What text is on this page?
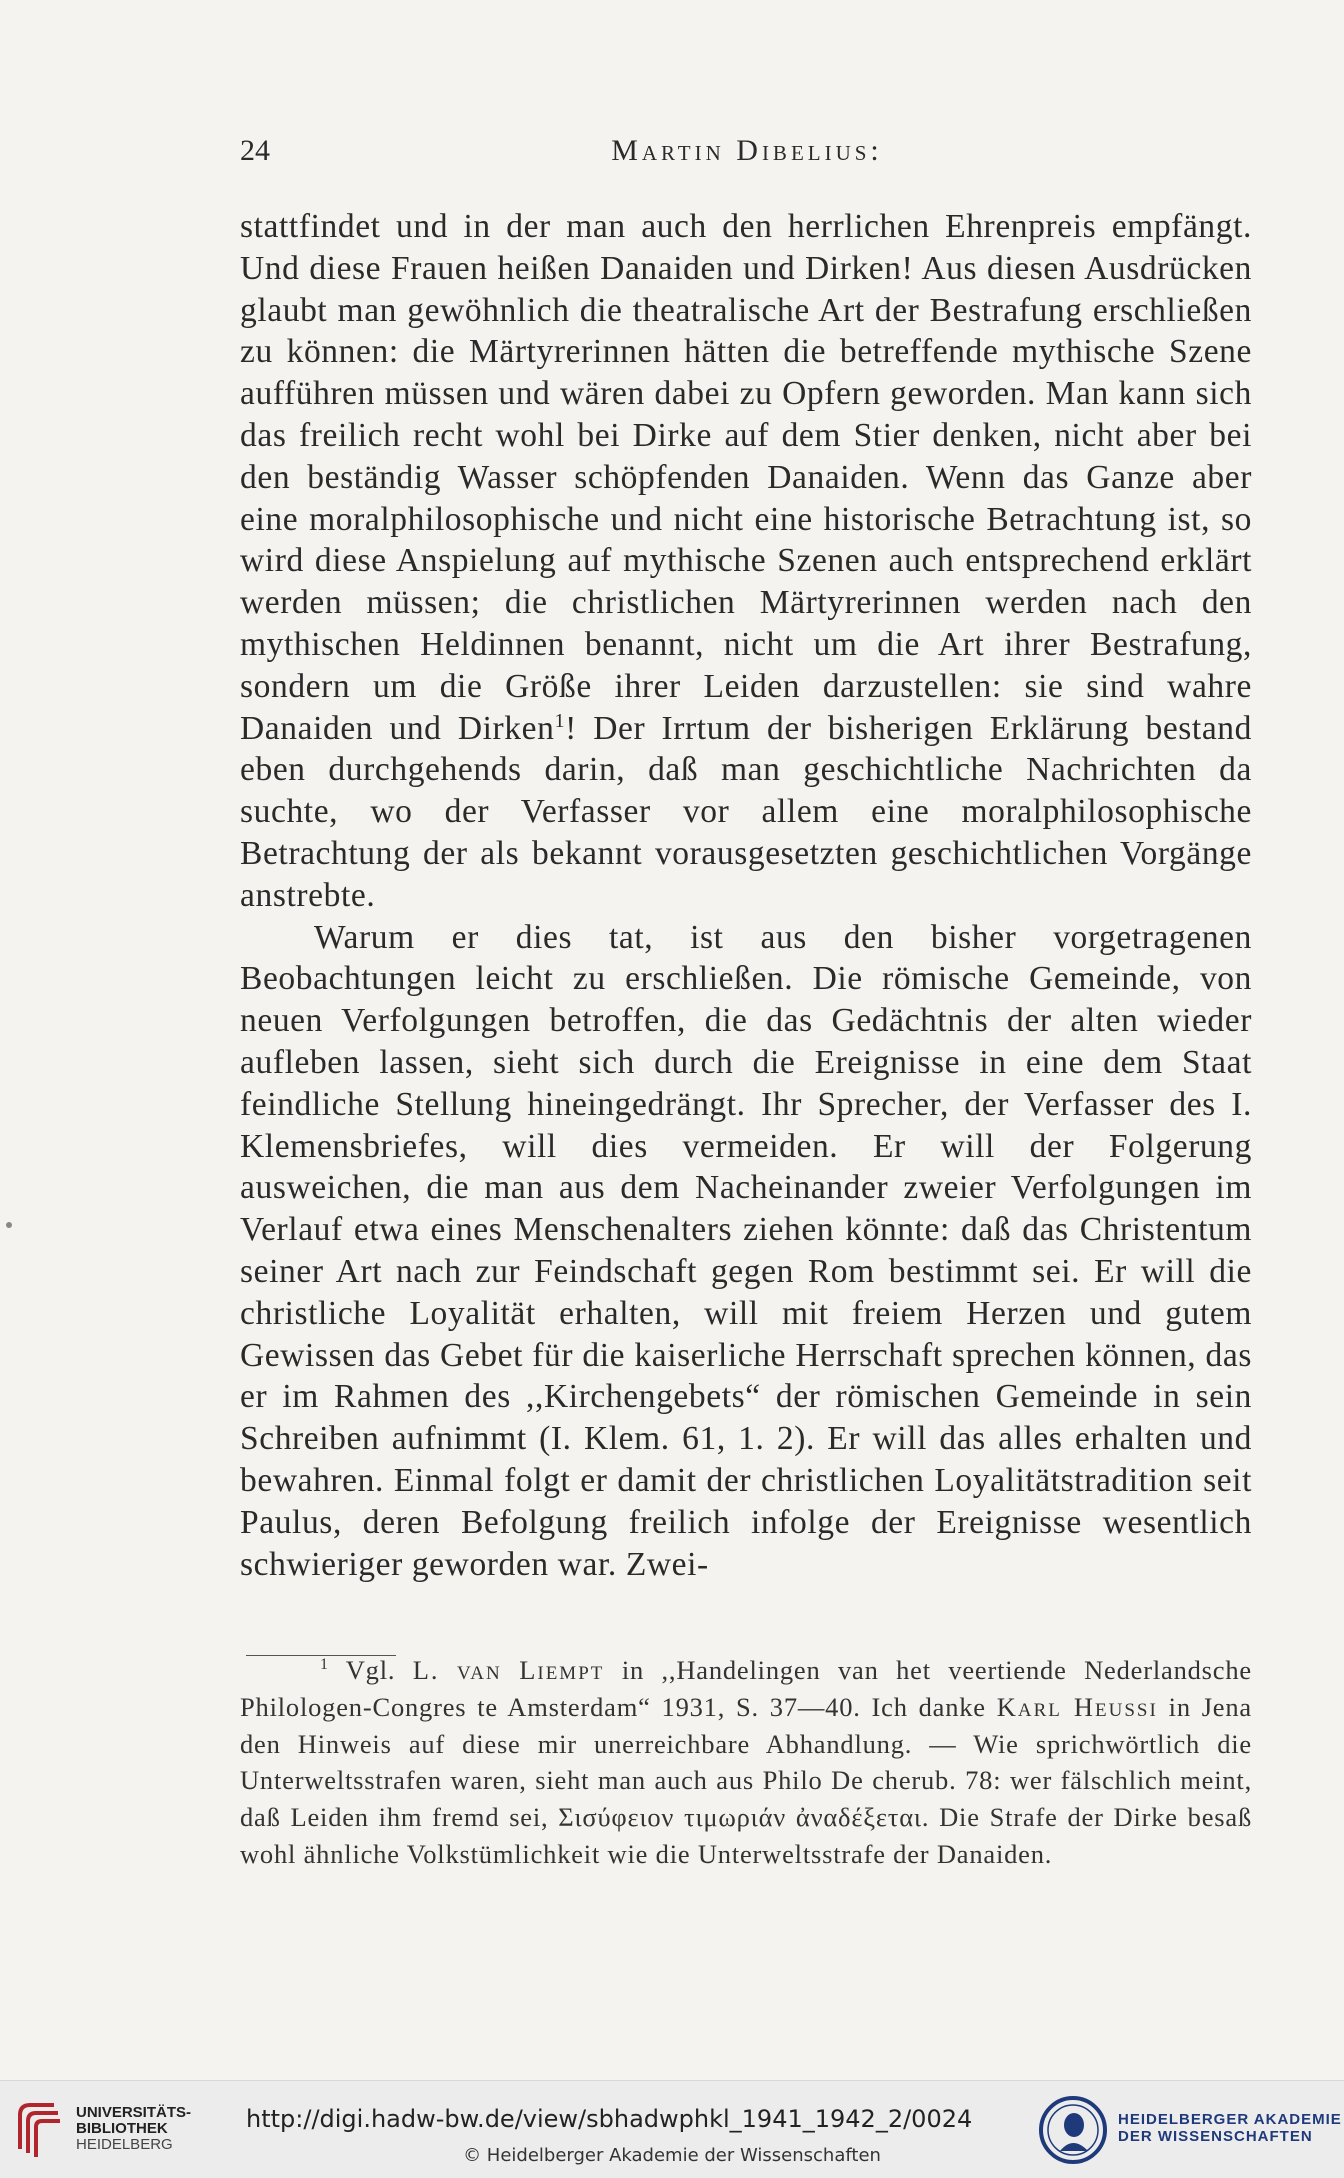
24	Martin Dibelius:

stattfindet und in der man auch den herrlichen Ehrenpreis empfängt. Und diese Frauen heißen Danaiden und Dirken! Aus diesen Ausdrücken glaubt man gewöhnlich die theatralische Art der Bestrafung erschließen zu können: die Märtyrerinnen hätten die betreffende mythische Szene aufführen müssen und wären dabei zu Opfern geworden. Man kann sich das freilich recht wohl bei Dirke auf dem Stier denken, nicht aber bei den beständig Wasser schöpfenden Danaiden. Wenn das Ganze aber eine moralphilosophische und nicht eine historische Betrachtung ist, so wird diese Anspielung auf mythische Szenen auch entsprechend erklärt werden müssen; die christlichen Märtyrerinnen werden nach den mythischen Heldinnen benannt, nicht um die Art ihrer Bestrafung, sondern um die Größe ihrer Leiden darzustellen: sie sind wahre Danaiden und Dirken$^1$! Der Irrtum der bisherigen Erklärung bestand eben durchgehends darin, daß man geschichtliche Nachrichten da suchte, wo der Verfasser vor allem eine moralphilosophische Betrachtung der als bekannt vorausgesetzten geschichtlichen Vorgänge anstrebte.

Warum er dies tat, ist aus den bisher vorgetragenen Beobachtungen leicht zu erschließen. Die römische Gemeinde, von neuen Verfolgungen betroffen, die das Gedächtnis der alten wieder aufleben lassen, sieht sich durch die Ereignisse in eine dem Staat feindliche Stellung hineingedrängt. Ihr Sprecher, der Verfasser des I. Klemensbriefes, will dies vermeiden. Er will der Folgerung ausweichen, die man aus dem Nacheinander zweier Verfolgungen im Verlauf etwa eines Menschenalters ziehen könnte: daß das Christentum seiner Art nach zur Feindschaft gegen Rom bestimmt sei. Er will die christliche Loyalität erhalten, will mit freiem Herzen und gutem Gewissen das Gebet für die kaiserliche Herrschaft sprechen können, das er im Rahmen des ,,Kirchengebets“ der römischen Gemeinde in sein Schreiben aufnimmt (I. Klem. 61, 1. 2). Er will das alles erhalten und bewahren. Einmal folgt er damit der christlichen Loyalitätstradition seit Paulus, deren Befolgung freilich infolge der Ereignisse wesentlich schwieriger geworden war. Zwei-

$^1$ Vgl. L. van Liempt in ,,Handelingen van het veertiende Nederlandsche Philologen-Congres te Amsterdam“ 1931, S. 37—40. Ich danke Karl Heussi in Jena den Hinweis auf diese mir unerreichbare Abhandlung. — Wie sprichwörtlich die Unterweltsstrafen waren, sieht man auch aus Philo De cherub. 78: wer fälschlich meint, daß Leiden ihm fremd sei, Σισύφειον τιμωριάν ἀναδέξεται. Die Strafe der Dirke besaß wohl ähnliche Volkstümlichkeit wie die Unterweltsstrafe der Danaiden.

UNIVERSITÄTS-
BIBLIOTHEK
HEIDELBERG
http://digi.hadw-bw.de/view/sbhadwphkl_1941_1942_2/0024
© Heidelberger Akademie der Wissenschaften
HEIDELBERGER AKADEMIE
DER WISSENSCHAFTEN
